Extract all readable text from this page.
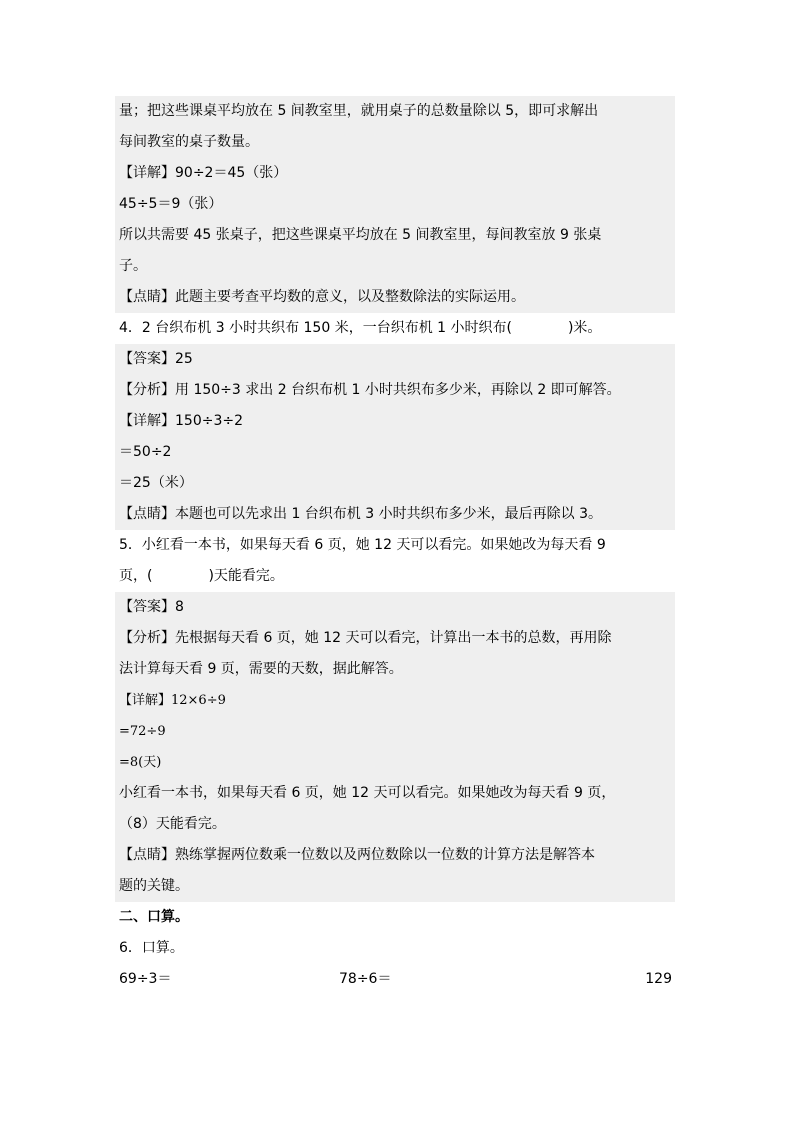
量；把这些课桌平均放在 5 间教室里，就用桌子的总数量除以 5，即可求解出
每间教室的桌子数量。
【详解】90÷2＝45（张）
45÷5＝9（张）
所以共需要 45 张桌子，把这些课桌平均放在 5 间教室里，每间教室放 9 张桌
子。
【点睛】此题主要考查平均数的意义，以及整数除法的实际运用。
4．2 台织布机 3 小时共织布 150 米，一台织布机 1 小时织布(　　　　)米。
【答案】25
【分析】用 150÷3 求出 2 台织布机 1 小时共织布多少米，再除以 2 即可解答。
【详解】150÷3÷2
＝50÷2
＝25（米）
【点睛】本题也可以先求出 1 台织布机 3 小时共织布多少米，最后再除以 3。
5．小红看一本书，如果每天看 6 页，她 12 天可以看完。如果她改为每天看 9
页，(　　　　)天能看完。
【答案】8
【分析】先根据每天看 6 页，她 12 天可以看完，计算出一本书的总数，再用除
法计算每天看 9 页，需要的天数，据此解答。
【详解】12×6÷9
=72÷9
=8(天)
小红看一本书，如果每天看 6 页，她 12 天可以看完。如果她改为每天看 9 页，
（8）天能看完。
【点睛】熟练掌握两位数乘一位数以及两位数除以一位数的计算方法是解答本
题的关键。
二、口算。
6．口算。
69÷3＝	78÷6＝	129
